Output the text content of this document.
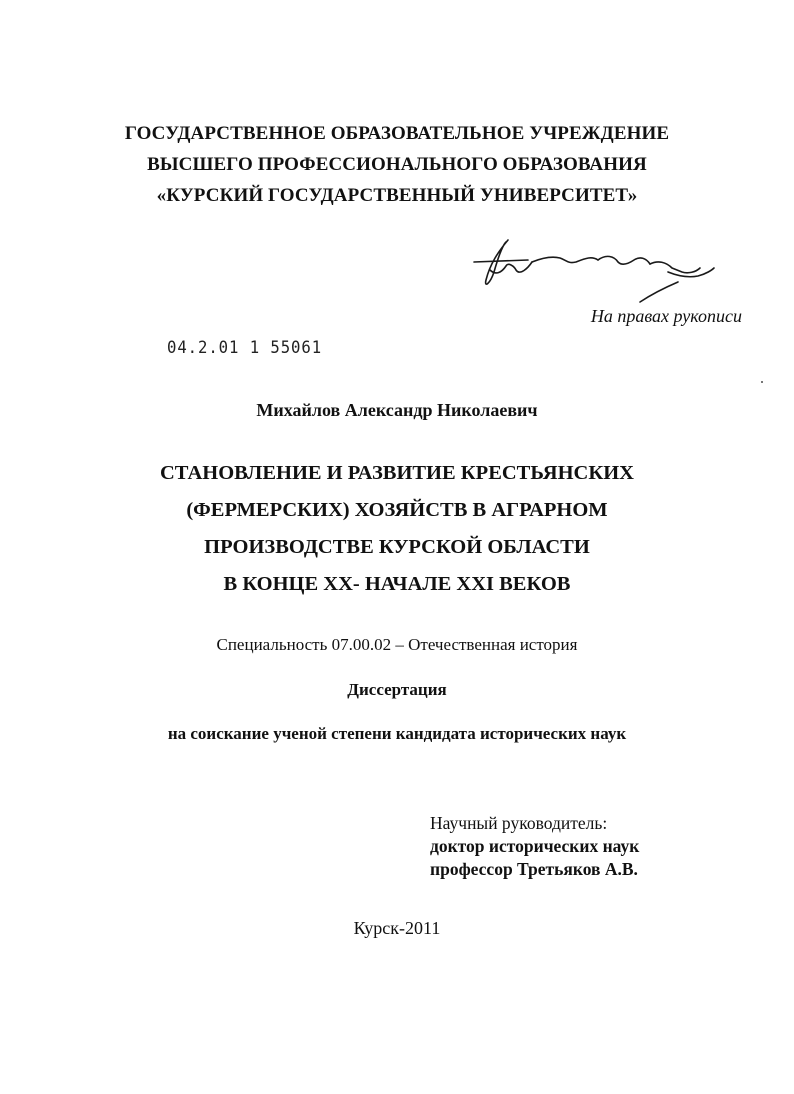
ГОСУДАРСТВЕННОЕ ОБРАЗОВАТЕЛЬНОЕ УЧРЕЖДЕНИЕ
ВЫСШЕГО ПРОФЕССИОНАЛЬНОГО ОБРАЗОВАНИЯ
«КУРСКИЙ ГОСУДАРСТВЕННЫЙ УНИВЕРСИТЕТ»
На правах рукописи
04.2.01 1 55061
Михайлов Александр Николаевич
СТАНОВЛЕНИЕ И РАЗВИТИЕ КРЕСТЬЯНСКИХ
(ФЕРМЕРСКИХ) ХОЗЯЙСТВ В АГРАРНОМ
ПРОИЗВОДСТВЕ КУРСКОЙ ОБЛАСТИ
В КОНЦЕ XX- НАЧАЛЕ XXI ВЕКОВ
Специальность 07.00.02 – Отечественная история
Диссертация
на соискание ученой степени кандидата исторических наук
Научный руководитель:
доктор исторических наук
профессор Третьяков А.В.
Курск-2011
